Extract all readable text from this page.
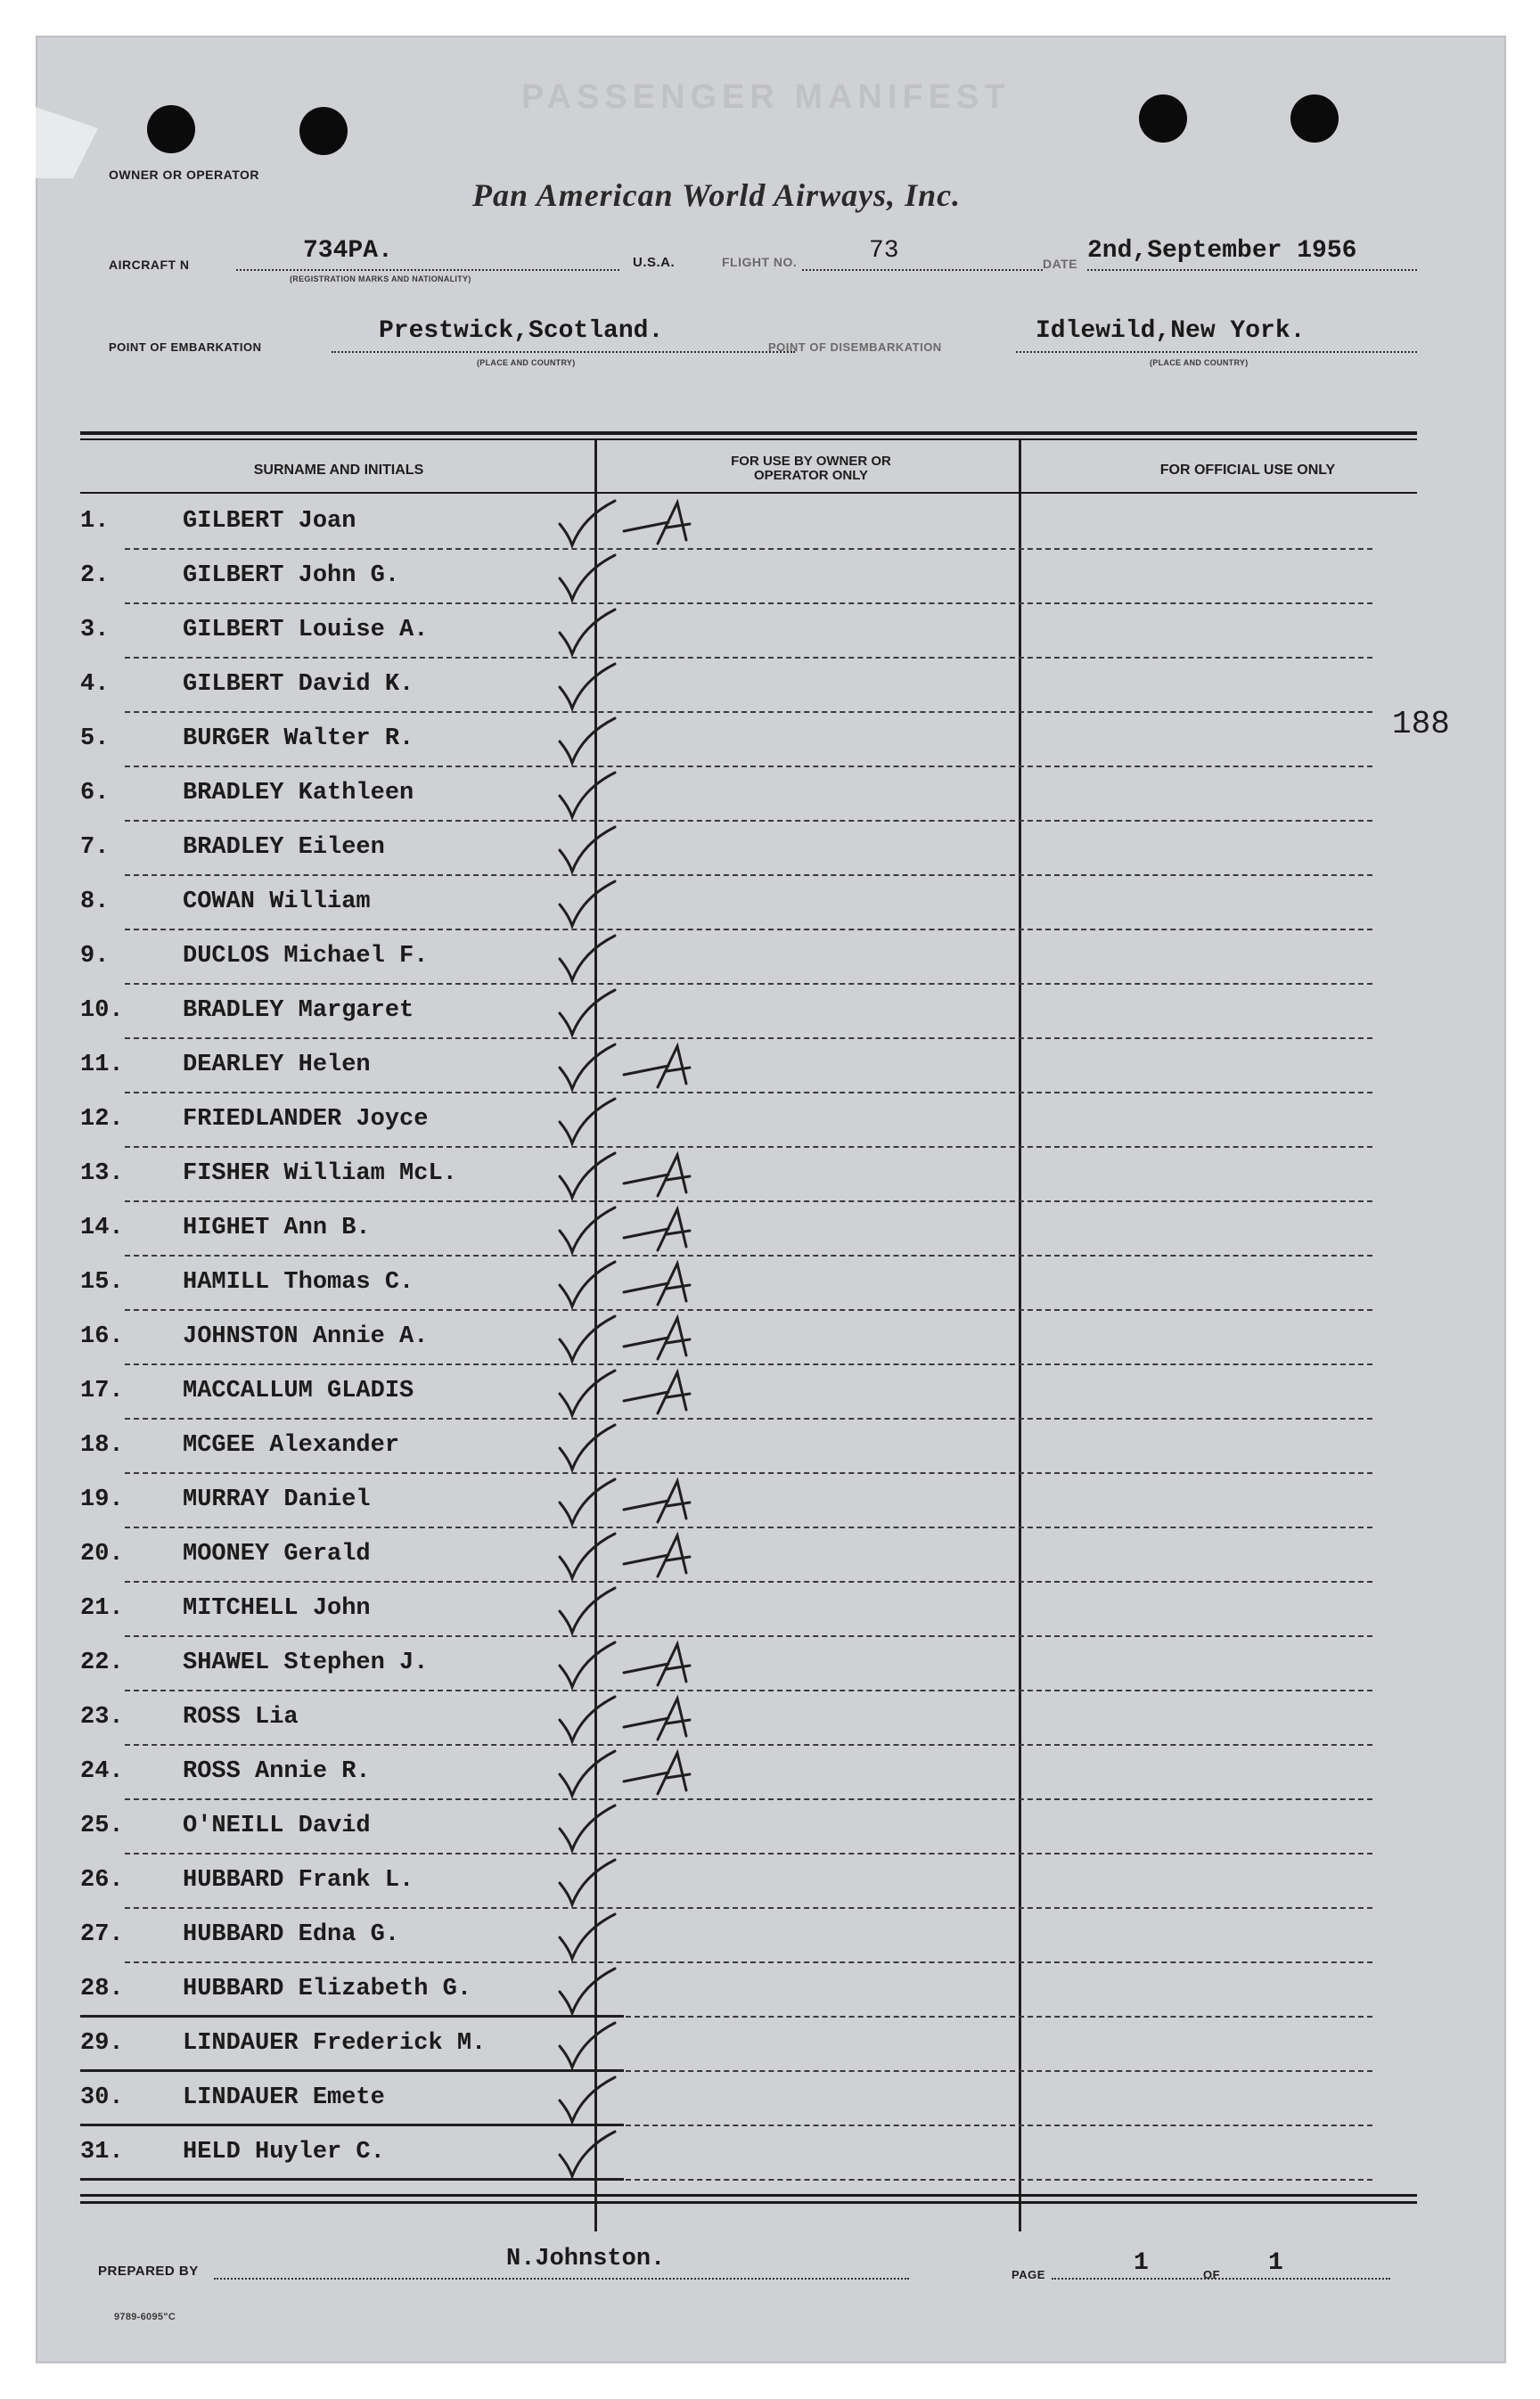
PASSENGER MANIFEST
OWNER OR OPERATOR
Pan American World Airways, Inc.
AIRCRAFT N	734PA.
(REGISTRATION MARKS AND NATIONALITY)
U.S.A.	FLIGHT NO.	73	DATE 2nd,September 1956
POINT OF EMBARKATION
Prestwick,Scotland.
(PLACE AND COUNTRY)
POINT OF DISEMBARKATION
Idlewild,New York.
(PLACE AND COUNTRY)
SURNAME AND INITIALS
FOR USE BY OWNER OR OPERATOR ONLY	FOR OFFICIAL USE ONLY
1.	GILBERT Joan
2.	GILBERT John G.
3.	GILBERT Louise A.
4.	GILBERT David K.
5.	BURGER Walter R.
6.	BRADLEY Kathleen
7.	BRADLEY Eileen
8.	COWAN William
9.	DUCLOS Michael F.
10. BRADLEY Margaret
11. DEARLEY Helen
12. FRIEDLANDER Joyce
13. FISHER William McL.
14. HIGHET Ann B.
15. HAMILL Thomas C.
16. JOHNSTON Annie A.
17. MACCALLUM GLADIS
18. MCGEE Alexander
19. MURRAY Daniel
20. MOONEY Gerald
21. MITCHELL John
22. SHAWEL Stephen J.
23. ROSS Lia
24. ROSS Annie R.
25. O'NEILL David
26. HUBBARD Frank L.
27. HUBBARD Edna G.
28. HUBBARD Elizabeth G.
29. LINDAUER Frederick M.
30. LINDAUER Emete
31. HELD Huyler C.
188
PREPARED BY	N.Johnston.
PAGE	1	OF 1
9789-6095"C
